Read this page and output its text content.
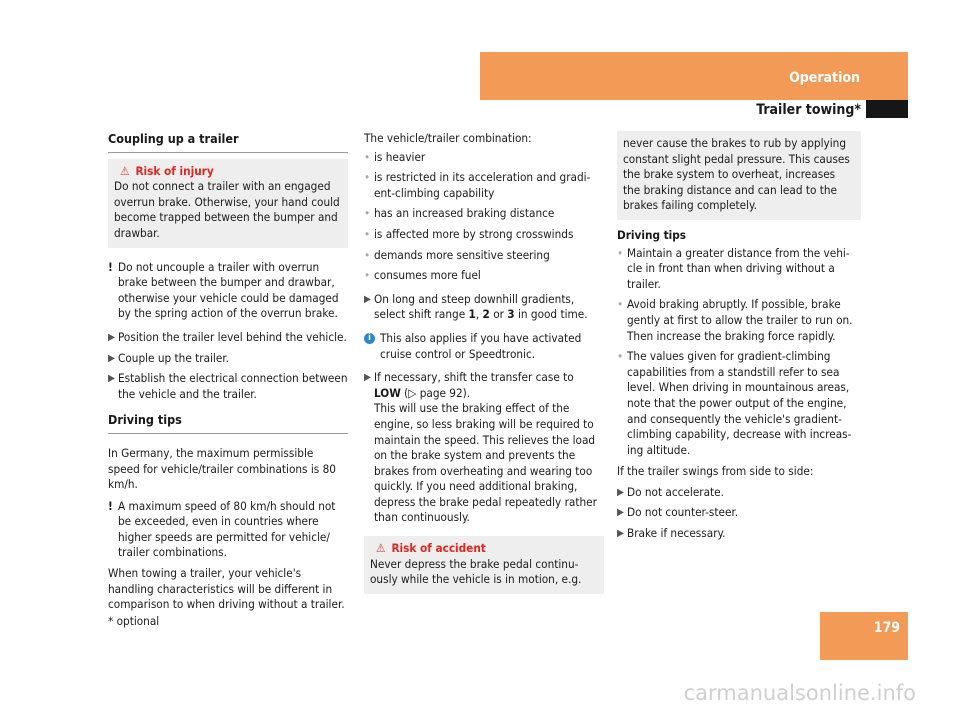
Operation
Trailer towing*
Coupling up a trailer
⚠ Risk of injury
Do not connect a trailer with an engaged overrun brake. Otherwise, your hand could become trapped between the bumper and drawbar.
! Do not uncouple a trailer with overrun brake between the bumper and drawbar, otherwise your vehicle could be damaged by the spring action of the overrun brake.
▶ Position the trailer level behind the vehicle.
▶ Couple up the trailer.
▶ Establish the electrical connection between the vehicle and the trailer.
Driving tips

In Germany, the maximum permissible speed for vehicle/trailer combinations is 80 km/h.

! A maximum speed of 80 km/h should not be exceeded, even in countries where higher speeds are permitted for vehicle/ trailer combinations.

When towing a trailer, your vehicle's handling characteristics will be different in comparison to when driving without a trailer.

The vehicle/trailer combination:

• is heavier
• is restricted in its acceleration and gradi- ent-climbing capability
• has an increased braking distance
• is affected more by strong crosswinds
• demands more sensitive steering
• consumes more fuel
▶ On long and steep downhill gradients, select shift range 1, 2 or 3 in good time.
i This also applies if you have activated cruise control or Speedtronic.
▶ If necessary, shift the transfer case to
LOW (▷ page 92).
This will use the braking effect of the engine, so less braking will be required to maintain the speed. This relieves the load on the brake system and prevents the brakes from overheating and wearing too quickly. If you need additional braking, depress the brake pedal repeatedly rather than continuously.
⚠ Risk of accident
Never depress the brake pedal continu- ously while the vehicle is in motion, e.g.
never cause the brakes to rub by applying constant slight pedal pressure. This causes the brake system to overheat, increases the braking distance and can lead to the brakes failing completely.
Driving tips
• Maintain a greater distance from the vehi- cle in front than when driving without a trailer.
• Avoid braking abruptly. If possible, brake gently at first to allow the trailer to run on. Then increase the braking force rapidly.
• The values given for gradient-climbing capabilities from a standstill refer to sea level. When driving in mountainous areas, note that the power output of the engine, and consequently the vehicle's gradient- climbing capability, decrease with increas- ing altitude.

If the trailer swings from side to side:

▶ Do not accelerate.
▶ Do not counter-steer.
▶ Brake if necessary.
* optional	179
carmanualsonline.info
